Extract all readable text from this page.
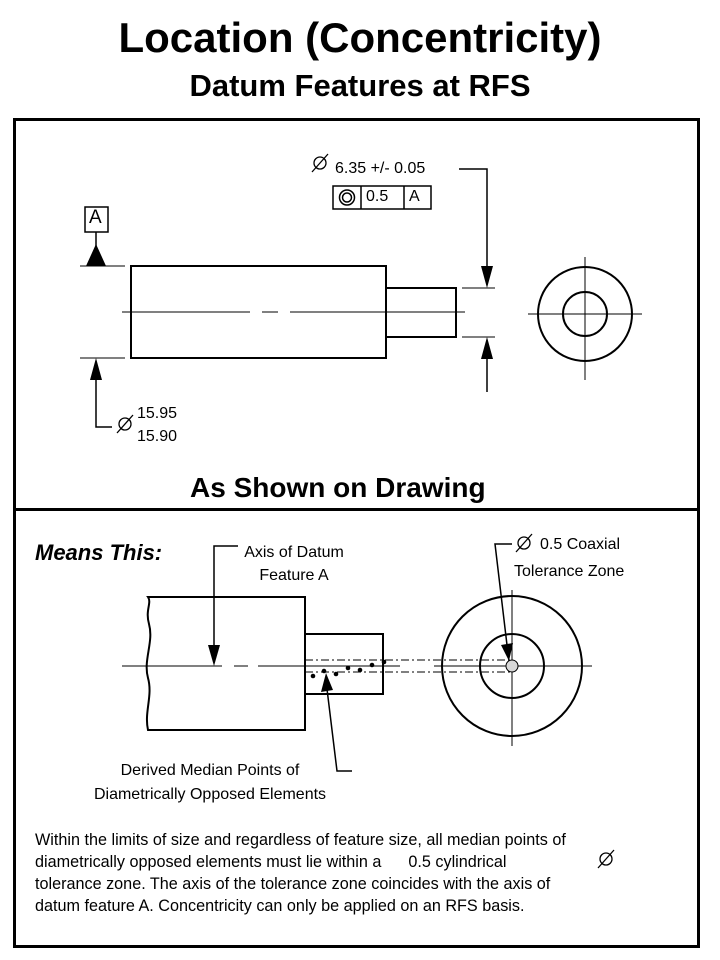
Location (Concentricity)
Datum Features at RFS
A
15.95
15.90
6.35 +/- 0.05
0.5 A
As Shown on Drawing
Means This:	Axis of Datum
Feature A
0.5 Coaxial
Tolerance Zone
Derived Median Points of
Diametrically Opposed Elements
Within the limits of size and regardless of feature size, all median points of
diametrically opposed elements must lie within a      0.5 cylindrical
tolerance zone. The axis of the tolerance zone coincides with the axis of
datum feature A. Concentricity can only be applied on an RFS basis.
